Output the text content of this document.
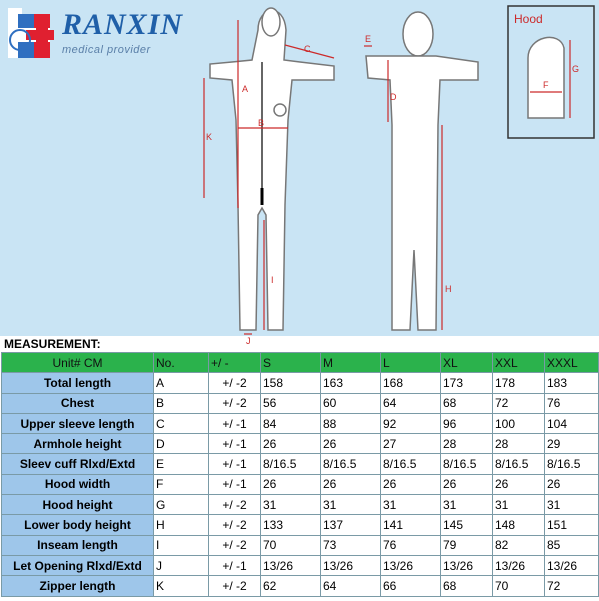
RANXIN
medical provider
A
B
C
D
E
F
G
H
I
J
K
Hood
MEASUREMENT:
Unit# CM	No.	+/ -	S	M	L	XL	XXL	XXXL
Total length	A	+/ -2	158	163	168	173	178	183
Chest	B	+/ -2	56	60	64	68	72	76
Upper sleeve length	C	+/ -1	84	88	92	96	100	104
Armhole height	D	+/ -1	26	26	27	28	28	29
Sleev cuff Rlxd/Extd	E	+/ -1	8/16.5	8/16.5	8/16.5	8/16.5	8/16.5	8/16.5
Hood width	F	+/ -1	26	26	26	26	26	26
Hood height	G	+/ -2	31	31	31	31	31	31
Lower body height	H	+/ -2	133	137	141	145	148	151
Inseam length	I	+/ -2	70	73	76	79	82	85
Let Opening Rlxd/Extd	J	+/ -1	13/26	13/26	13/26	13/26	13/26	13/26
Zipper length	K	+/ -2	62	64	66	68	70	72
